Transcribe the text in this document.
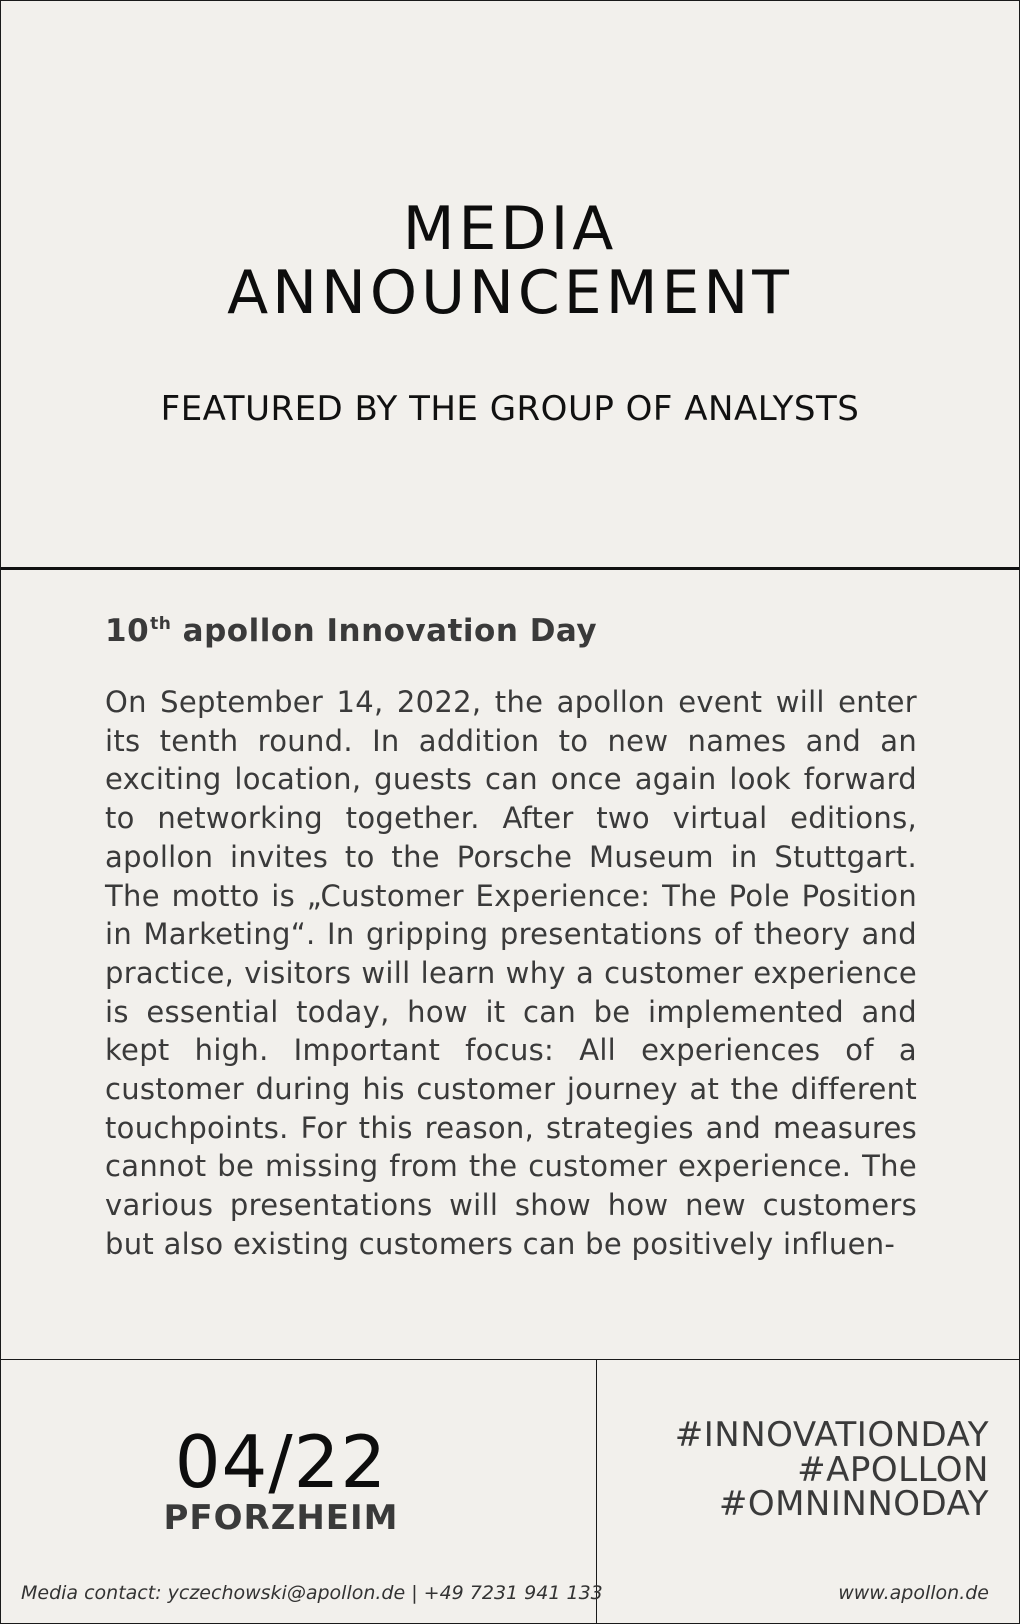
MEDIA
ANNOUNCEMENT
FEATURED BY THE GROUP OF ANALYSTS
10th apollon Innovation Day

On September 14, 2022, the apollon event will enter its tenth round. In addition to new names and an exciting location, guests can once again look forward to networking together. After two virtual editions, apollon invites to the Porsche Museum in Stuttgart. The motto is „Customer Experience: The Pole Position in Marketing“. In gripping presentations of theory and practice, visitors will learn why a customer experience is essential today, how it can be implemented and kept high. Important focus: All experiences of a customer during his customer journey at the different touchpoints. For this reason, strategies and measures cannot be missing from the customer experience. The various presentations will show how new customers but also existing customers can be positively influen-

04/22
PFORZHEIM
Media contact: yczechowski@apollon.de | +49 7231 941 133
#INNOVATIONDAY
#APOLLON
#OMNINNODAY
www.apollon.de
